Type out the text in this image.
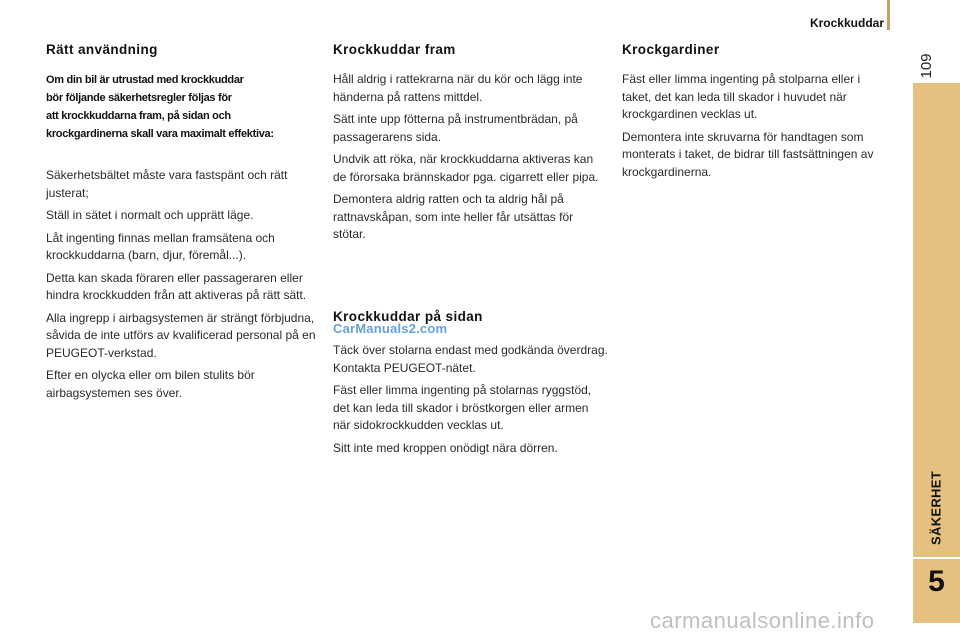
Krockkuddar
109
SÄKERHET
5
Rätt användning
Om din bil är utrustad med krockkuddar
bör följande säkerhetsregler följas för
att krockkuddarna fram, på sidan och
krockgardinerna skall vara maximalt effektiva:

Säkerhetsbältet måste vara fastspänt och rätt justerat;

Ställ in sätet i normalt och upprätt läge.

Låt ingenting finnas mellan framsätena och krockkuddarna (barn, djur, föremål...).

Detta kan skada föraren eller passageraren eller hindra krockkudden från att aktiveras på rätt sätt.

Alla ingrepp i airbagsystemen är strängt förbjudna, såvida de inte utförs av kvalificerad personal på en PEUGEOT-verkstad.

Efter en olycka eller om bilen stulits bör airbagsystemen ses över.

Krockkuddar fram

Håll aldrig i rattekrarna när du kör och lägg inte händerna på rattens mittdel.

Sätt inte upp fötterna på instrumentbrädan, på passagerarens sida.

Undvik att röka, när krockkuddarna aktiveras kan de förorsaka brännskador pga. cigarrett eller pipa.

Demontera aldrig ratten och ta aldrig hål på rattnavskåpan, som inte heller får utsättas för stötar.

Krockkuddar på sidan

Täck över stolarna endast med godkända överdrag. Kontakta PEUGEOT-nätet.

Fäst eller limma ingenting på stolarnas ryggstöd, det kan leda till skador i bröstkorgen eller armen när sidokrockkudden vecklas ut.

Sitt inte med kroppen onödigt nära dörren.

Krockgardiner

Fäst eller limma ingenting på stolparna eller i taket, det kan leda till skador i huvudet när krockgardinen vecklas ut.

Demontera inte skruvarna för handtagen som monterats i taket, de bidrar till fastsättningen av krockgardinerna.

CarManuals2.com
carmanualsonline.info
